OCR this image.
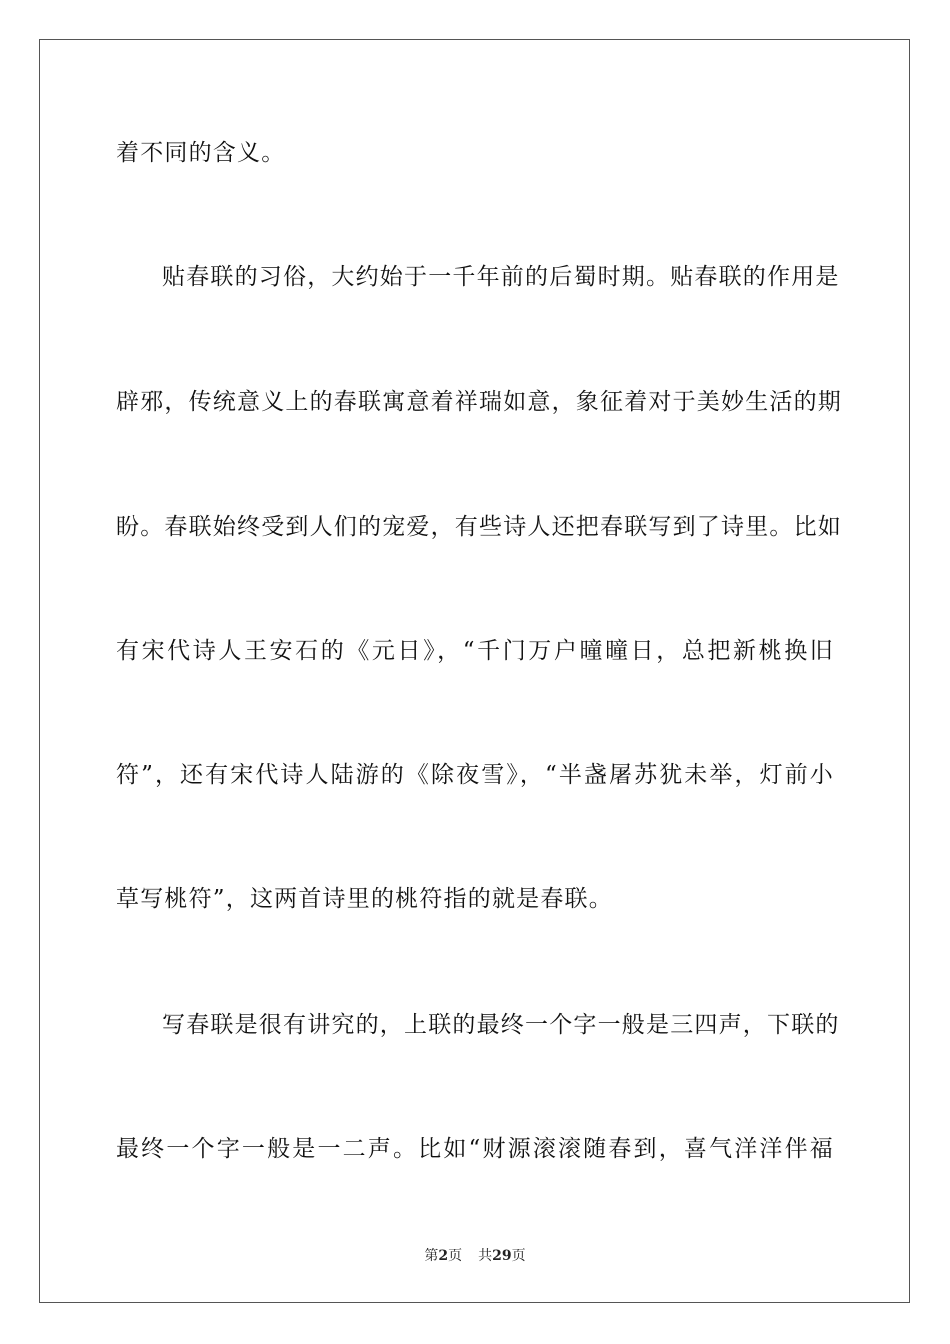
着不同的含义。
贴春联的习俗，大约始于一千年前的后蜀时期。贴春联的作用是
辟邪，传统意义上的春联寓意着祥瑞如意，象征着对于美妙生活的期
盼。春联始终受到人们的宠爱，有些诗人还把春联写到了诗里。比如
有宋代诗人王安石的《元日》，“千门万户曈曈日，总把新桃换旧
符”，还有宋代诗人陆游的《除夜雪》，“半盏屠苏犹未举，灯前小
草写桃符”，这两首诗里的桃符指的就是春联。
写春联是很有讲究的，上联的最终一个字一般是三四声，下联的
最终一个字一般是一二声。比如“财源滚滚随春到，喜气洋洋伴福
第2页 共29页
